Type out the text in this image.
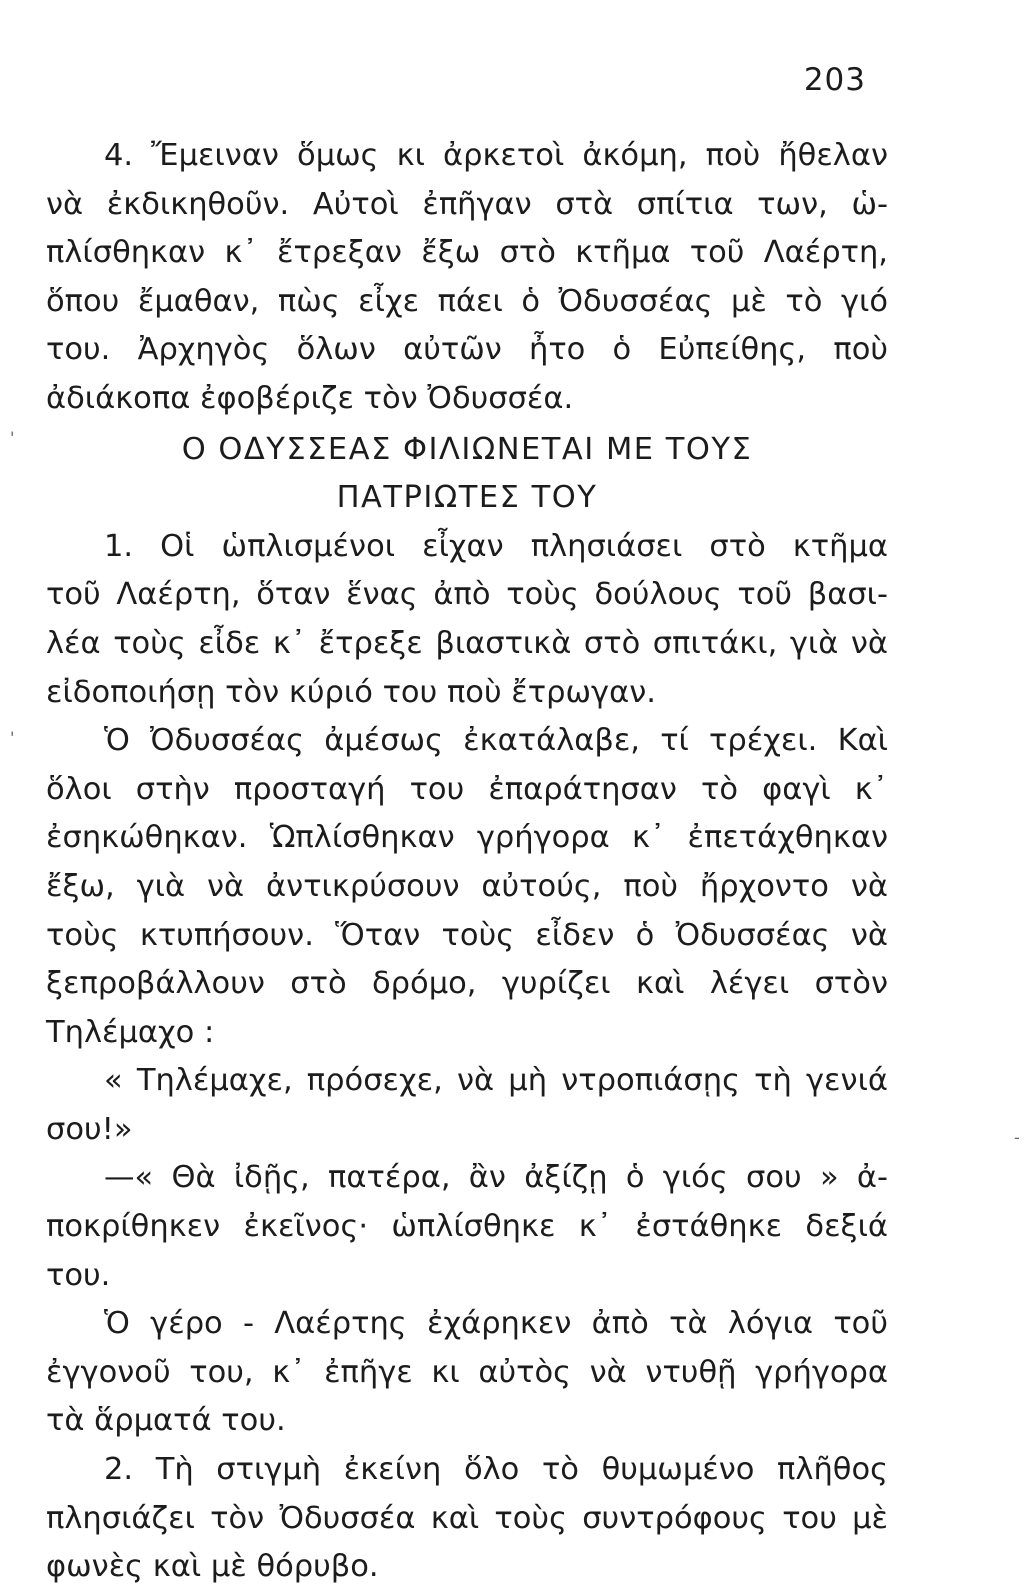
203

4. Ἔμειναν ὅμως κι ἀρκετοὶ ἀκόμη, ποὺ ἤθελαν
νὰ ἐκδικηθοῦν. Αὐτοὶ ἐπῆγαν στὰ σπίτια των, ὡ-
πλίσθηκαν κ᾿ ἔτρεξαν ἔξω στὸ κτῆμα τοῦ Λαέρτη,
ὅπου ἔμαθαν, πὼς εἶχε πάει ὁ Ὀδυσσέας μὲ τὸ γιό
του. Ἀρχηγὸς ὅλων αὐτῶν ἦτο ὁ Εὐπείθης, ποὺ
ἀδιάκοπα ἐφοβέριζε τὸν Ὀδυσσέα.

Ο ΟΔΥΣΣΕΑΣ ΦΙΛΙΩΝΕΤΑΙ ΜΕ ΤΟΥΣ
ΠΑΤΡΙΩΤΕΣ ΤΟΥ

1. Οἱ ὡπλισμένοι εἶχαν πλησιάσει στὸ κτῆμα
τοῦ Λαέρτη, ὅταν ἕνας ἀπὸ τοὺς δούλους τοῦ βασι-
λέα τοὺς εἶδε κ᾿ ἔτρεξε βιαστικὰ στὸ σπιτάκι, γιὰ νὰ
εἰδοποιήσῃ τὸν κύριό του ποὺ ἔτρωγαν.

Ὁ Ὀδυσσέας ἀμέσως ἐκατάλαβε, τί τρέχει. Καὶ
ὅλοι στὴν προσταγή του ἐπαράτησαν τὸ φαγὶ κ᾿
ἐσηκώθηκαν. Ὡπλίσθηκαν γρήγορα κ᾿ ἐπετάχθηκαν
ἔξω, γιὰ νὰ ἀντικρύσουν αὐτούς, ποὺ ἤρχοντο νὰ
τοὺς κτυπήσουν. Ὅταν τοὺς εἶδεν ὁ Ὀδυσσέας νὰ
ξεπροβάλλουν στὸ δρόμο, γυρίζει καὶ λέγει στὸν
Τηλέμαχο :

« Τηλέμαχε, πρόσεχε, νὰ μὴ ντροπιάσῃς τὴ γενιά
σου!»

—« Θὰ ἰδῇς, πατέρα, ἂν ἀξίζῃ ὁ γιός σου » ἀ-
ποκρίθηκεν ἐκεῖνος· ὡπλίσθηκε κ᾿ ἐστάθηκε δεξιά του.

Ὁ γέρο - Λαέρτης ἐχάρηκεν ἀπὸ τὰ λόγια τοῦ
ἐγγονοῦ του, κ᾿ ἐπῆγε κι αὐτὸς νὰ ντυθῇ γρήγορα
τὰ ἅρματά του.

2. Τὴ στιγμὴ ἐκείνη ὅλο τὸ θυμωμένο πλῆθος
πλησιάζει τὸν Ὀδυσσέα καὶ τοὺς συντρόφους του μὲ
φωνὲς καὶ μὲ θόρυβο.

'
'
-
